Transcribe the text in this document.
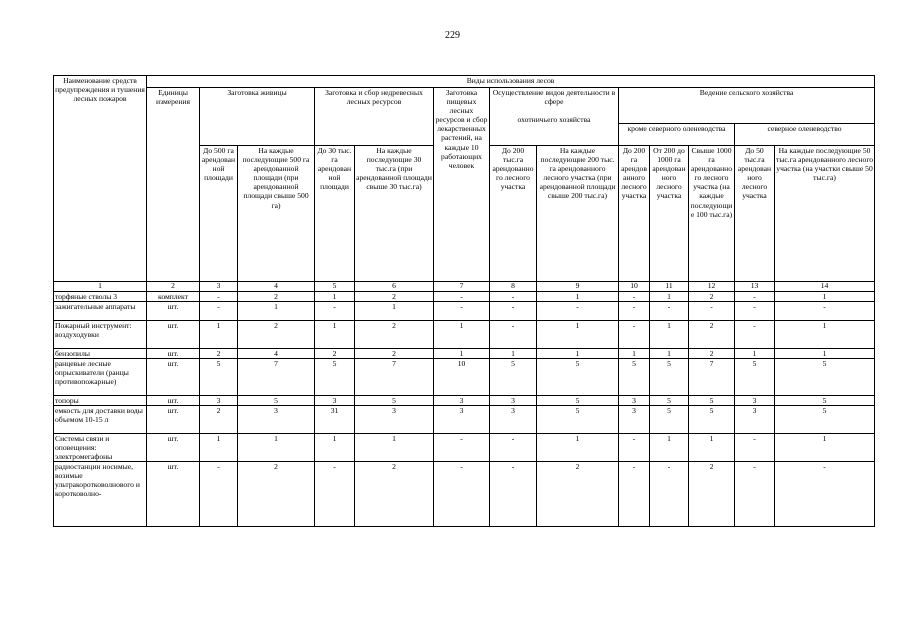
229
Наименование средств предупреждения и тушения лесных пожаров	Виды использования лесов												
	Единицы измерения	Заготовка живицы		Заготовка и сбор недревесных лесных ресурсов		Заготовка пищевых лесных ресурсов и сбор лекарственных растений, на каждые 10 работающих человек	Осуществление видов деятельности в сфере
охотничьего хозяйства		Ведение сельского хозяйства				
									кроме северного оленеводства			северное оленеводство	
		До 500 га арендованной площади	На каждые последующие 500 га арендованной площади (при арендованной площади свыше 500 га)	До 30 тыс. га арендованной площади	На каждые последующие 30 тыс.га (при арендованной площади свыше 30 тыс.га)		До 200 тыс.га арендованного лесного участка	На каждые последующие 200 тыс. га арендованного лесного участка (при арендованной площади свыше 200 тыс.га)	До 200 га арендованного лесного участка	От 200 до 1000 га арендованного лесного участка	Свыше 1000 га арендованного лесного участка (на каждые последующие 100 тыс.га)	До 50 тыс.га арендованного лесного участка	На каждые последующие 50 тыс.га арендованного лесного участка (на участки свыше 50 тыс.га)
1	2	3	4	5	6	7	8	9	10	11	12	13	14
торфяные стволы 3	комплект	-	2	1	2	-	-	1	-	1	2	-	1
зажигательные аппараты	шт.	-	1	-	1	-	-	-	-	-	-	-	-
Пожарный инструмент: воздуходувки	шт.	1	2	1	2	1	-	1	-	1	2	-	1
бензопилы	шт.	2	4	2	2	1	1	1	1	1	2	1	1
ранцевые лесные опрыскиватели (ранцы противопожарные)	шт.	5	7	5	7	10	5	5	5	5	7	5	5
топоры	шт.	3	5	3	5	3	3	5	3	5	5	3	5
емкость для доставки воды объемом 10-15 л	шт.	2	3	31	3	3	3	5	3	5	5	3	5
Системы связи и оповещения: электромегафоны	шт.	1	1	1	1	-	-	1	-	1	1	-	1
радиостанции носимые, возимые ультракоротковолнового и коротковолно-	шт.	-	2	-	2	-	-	2	-	-	2	-	-
